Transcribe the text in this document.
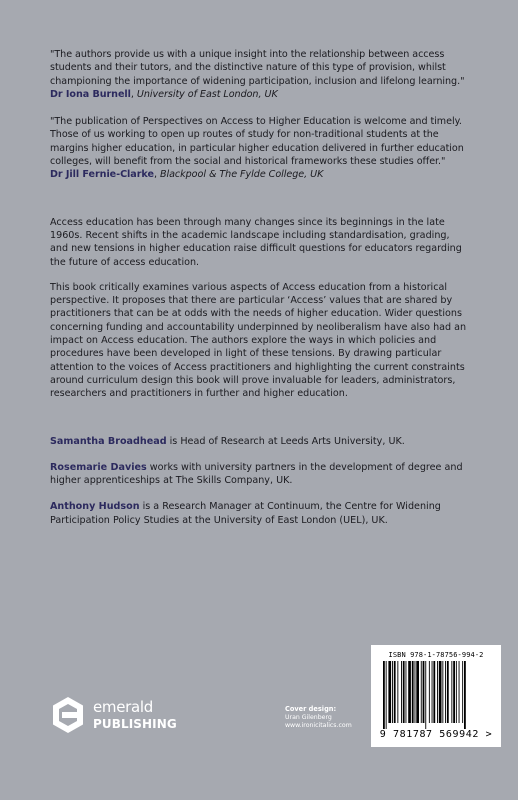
"The authors provide us with a unique insight into the relationship between access students and their tutors, and the distinctive nature of this type of provision, whilst championing the importance of widening participation, inclusion and lifelong learning."
Dr Iona Burnell, University of East London, UK

"The publication of Perspectives on Access to Higher Education is welcome and timely. Those of us working to open up routes of study for non-traditional students at the margins higher education, in particular higher education delivered in further education colleges, will benefit from the social and historical frameworks these studies offer."
Dr Jill Fernie-Clarke, Blackpool & The Fylde College, UK

Access education has been through many changes since its beginnings in the late 1960s. Recent shifts in the academic landscape including standardisation, grading, and new tensions in higher education raise difficult questions for educators regarding the future of access education.

This book critically examines various aspects of Access education from a historical perspective. It proposes that there are particular ‘Access’ values that are shared by practitioners that can be at odds with the needs of higher education. Wider questions concerning funding and accountability underpinned by neoliberalism have also had an impact on Access education. The authors explore the ways in which policies and procedures have been developed in light of these tensions. By drawing particular attention to the voices of Access practitioners and highlighting the current constraints around curriculum design this book will prove invaluable for leaders, administrators, researchers and practitioners in further and higher education.

Samantha Broadhead is Head of Research at Leeds Arts University, UK.

Rosemarie Davies works with university partners in the development of degree and higher apprenticeships at The Skills Company, UK.

Anthony Hudson is a Research Manager at Continuum, the Centre for Widening Participation Policy Studies at the University of East London (UEL), UK.

emerald
PUBLISHING
Cover design:
Uran Gilenberg
www.ironicitalics.com
ISBN 978-1-78756-994-2
9 781787 569942 >
